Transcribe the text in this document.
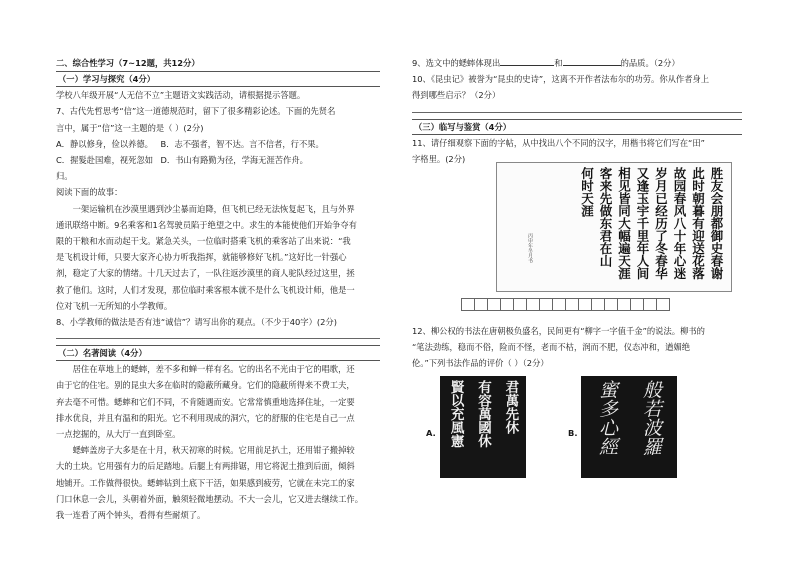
二、综合性学习（7~12题，共12分）

（一）学习与探究（4分）

学校八年级开展“人无信不立”主题语文实践活动，请根据提示答题。

7、古代先哲思考“信”这一道德规范时，留下了很多精彩论述。下面的先贤名

言中，属于“信”这一主题的是（ ）(2分)

A．静以修身，俭以养德。 B．志不强者，智不达。言不信者，行不果。
C．握髮赴国难，视死忽如归。
D．书山有路勤为径，学海无涯苦作舟。

阅读下面的故事：

一架运输机在沙漠里遇到沙尘暴而迫降，但飞机已经无法恢复起飞，且与外界

通讯联络中断。9名乘客和1名驾驶员陷于绝望之中。求生的本能使他们开始争夺有

限的干粮和水而动起干戈。紧急关头，一位临时搭乘飞机的乘客站了出来说：“我

是飞机设计师，只要大家齐心协力听我指挥，就能够修好飞机。”这好比一针强心

剂，稳定了大家的情绪。十几天过去了，一队往返沙漠里的商人驼队经过这里，拯

救了他们。这时，人们才发现，那位临时乘客根本就不是什么飞机设计师，他是一

位对飞机一无所知的小学教师。

8、小学教师的做法是否有违“诚信”？请写出你的观点。（不少于40字）(2分)

（二）名著阅读（4分）

居住在草地上的蟋蟀，差不多和蝉一样有名。它的出名不光由于它的唱歌，还

由于它的住宅。别的昆虫大多在临时的隐蔽所藏身。它们的隐蔽所得来不费工夫，

弃去毫不可惜。蟋蟀和它们不同，不肯随遇而安。它常常慎重地选择住址，一定要

排水优良，并且有温和的阳光。它不利用现成的洞穴，它的舒服的住宅是自己一点

一点挖掘的，从大厅一直到卧室。

蟋蟀盖房子大多是在十月，秋天初寒的时候。它用前足扒土，还用钳子搬掉较

大的土块。它用强有力的后足踏地。后腿上有两排锯，用它将泥土推到后面，倾斜

地铺开。工作做得很快。蟋蟀钻到土底下干活，如果感到疲劳，它就在未完工的家

门口休息一会儿，头朝着外面，触须轻微地摆动。不大一会儿，它又进去继续工作。

我一连看了两个钟头，看得有些耐烦了。

9、选文中的蟋蟀体现出	和	的品质。（2分）

10、《昆虫记》被誉为“昆虫的史诗”，这离不开作者法布尔的功劳。你从作者身上

得到哪些启示？（2分）

（三）临写与鉴赏（4分）

11、请仔细观察下面的字帖，从中找出八个不同的汉字，用楷书将它们写在“田”

字格里。(2分)

胜友会朋都御史春谢
此时朝暮有迎送花落
故园春风八十年心迷
岁月已经历了冬春华
又逢玉宇千里年人间
相见皆同大幅遍天涯
客来先做东君在山
何时天涯
丙申年冬月书

12、柳公权的书法在唐朝极负盛名，民间更有“柳字一字值千金”的说法。柳书的

“笔法劲练，稳而不俗，险而不怪，老而不枯，润而不肥，仪态冲和，遒媚绝

伦。”下列书法作品的评价（ ）（2分）

A.	君萬先休
有容萬國休
賢以充風憲	B.	般若波羅
蜜多心經
